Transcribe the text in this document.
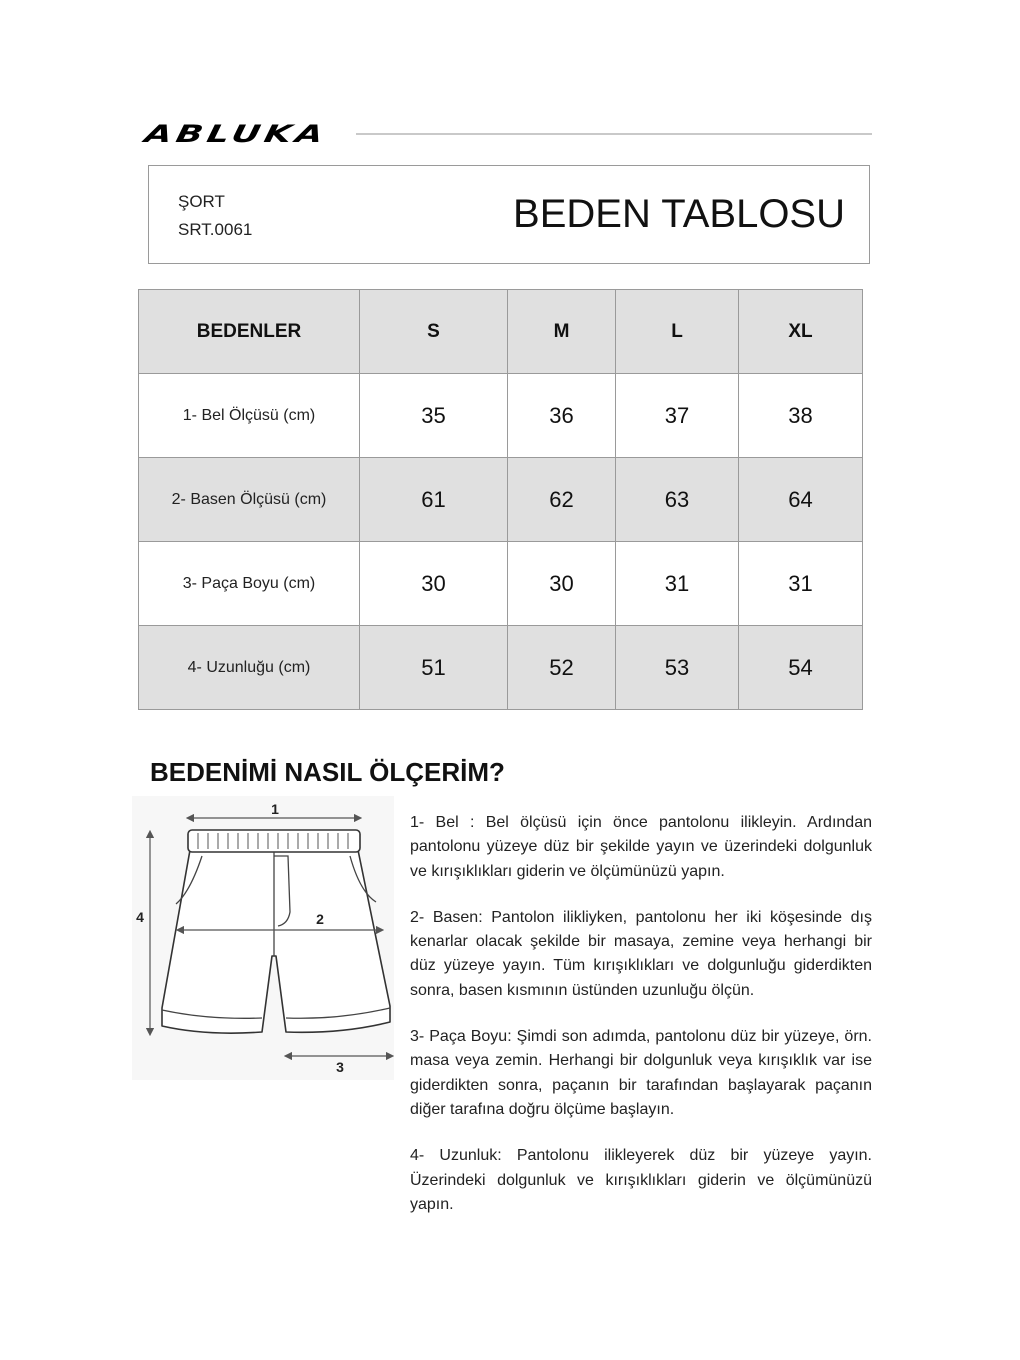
ABLUKA
ŞORT
SRT.0061	BEDEN TABLOSU
BEDENLER	S	M	L	XL
1- Bel Ölçüsü (cm)	35	36	37	38
2- Basen Ölçüsü (cm)	61	62	63	64
3- Paça Boyu (cm)	30	30	31	31
4- Uzunluğu (cm)	51	52	53	54
BEDENİMİ NASIL ÖLÇERİM?
1
2
3
4

1- Bel : Bel ölçüsü için önce pantolonu ilikleyin. Ardından pantolonu yüzeye düz bir şekilde yayın ve üzerindeki dolgunluk ve kırışıklıkları giderin ve ölçümünüzü yapın.

2- Basen: Pantolon ilikliyken, pantolonu her iki köşesinde dış kenarlar olacak şekilde bir masaya, zemine veya herhangi bir düz yüzeye yayın. Tüm kırışıklıkları ve dolgunluğu giderdikten sonra, basen kısmının üstünden uzunluğu ölçün.

3- Paça Boyu: Şimdi son adımda, pantolonu düz bir yüzeye, örn. masa veya zemin. Herhangi bir dolgunluk veya kırışıklık var ise giderdikten sonra, paçanın bir tarafından başlayarak paçanın diğer tarafına doğru ölçüme başlayın.

4- Uzunluk: Pantolonu ilikleyerek düz bir yüzeye yayın. Üzerindeki dolgunluk ve kırışıklıkları giderin ve ölçümünüzü yapın.
